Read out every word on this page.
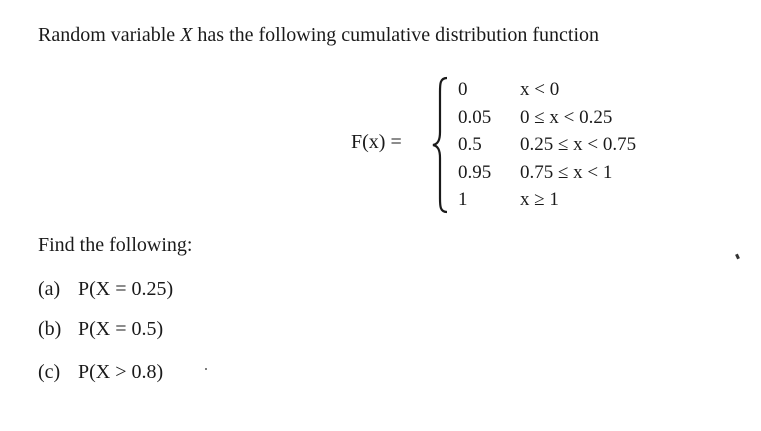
Random variable X has the following cumulative distribution function
F(x) =
0	x < 0
0.05	0 ≤ x < 0.25
0.5	0.25 ≤ x < 0.75
0.95	0.75 ≤ x < 1
1	x ≥ 1
Find the following:
(a) P(X = 0.25)
(b) P(X = 0.5)
(c) P(X > 0.8)
